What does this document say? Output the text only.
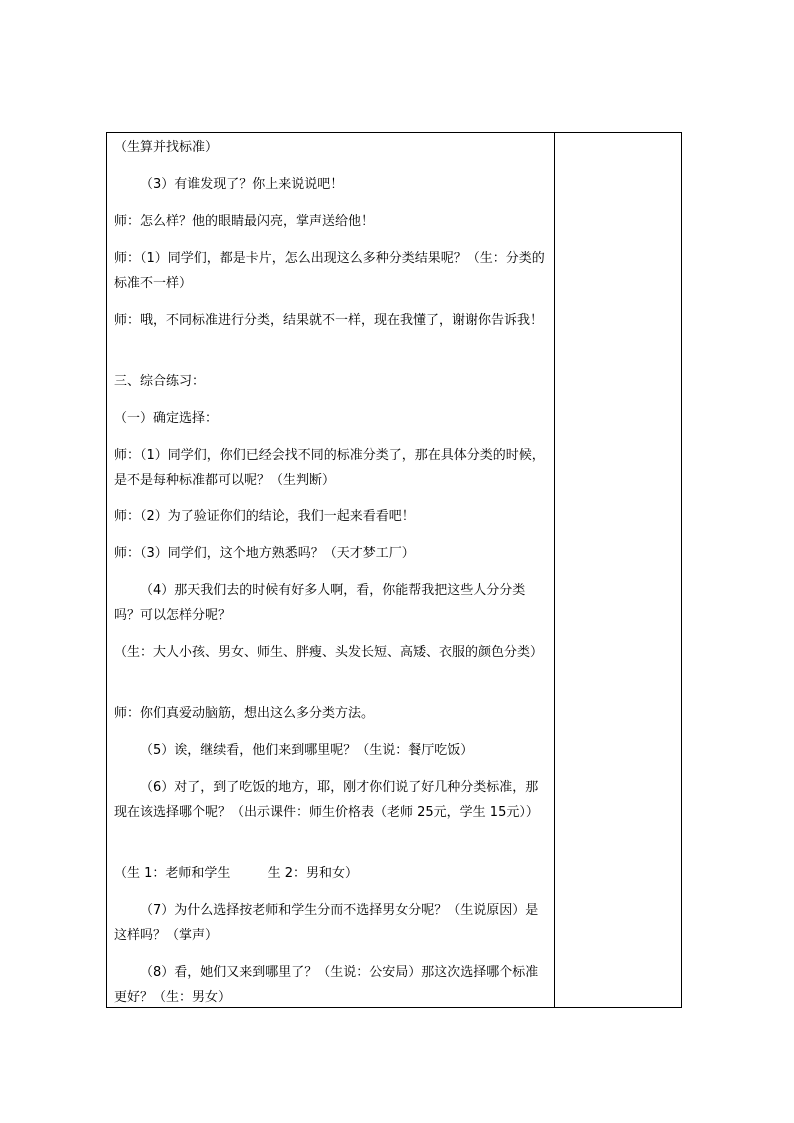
（生算并找标准）
（3）有谁发现了？你上来说说吧！
师：怎么样？他的眼睛最闪亮，掌声送给他！
师：（1）同学们，都是卡片，怎么出现这么多种分类结果呢？（生：分类的标准不一样）
师：哦，不同标准进行分类，结果就不一样，现在我懂了，谢谢你告诉我！
三、综合练习：
（一）确定选择：
师：（1）同学们，你们已经会找不同的标准分类了，那在具体分类的时候，是不是每种标准都可以呢？（生判断）
师：（2）为了验证你们的结论，我们一起来看看吧！
师：（3）同学们，这个地方熟悉吗？（天才梦工厂）
（4）那天我们去的时候有好多人啊，看，你能帮我把这些人分分类吗？可以怎样分呢？
（生：大人小孩、男女、师生、胖瘦、头发长短、高矮、衣服的颜色分类）
师：你们真爱动脑筋，想出这么多分类方法。
（5）诶，继续看，他们来到哪里呢？（生说：餐厅吃饭）
（6）对了，到了吃饭的地方，耶，刚才你们说了好几种分类标准，那现在该选择哪个呢？（出示课件：师生价格表（老师 25元，学生 15元））
（生 1：老师和学生         生 2：男和女）
（7）为什么选择按老师和学生分而不选择男女分呢？（生说原因）是这样吗？（掌声）
（8）看，她们又来到哪里了？（生说：公安局）那这次选择哪个标准更好？（生：男女）
